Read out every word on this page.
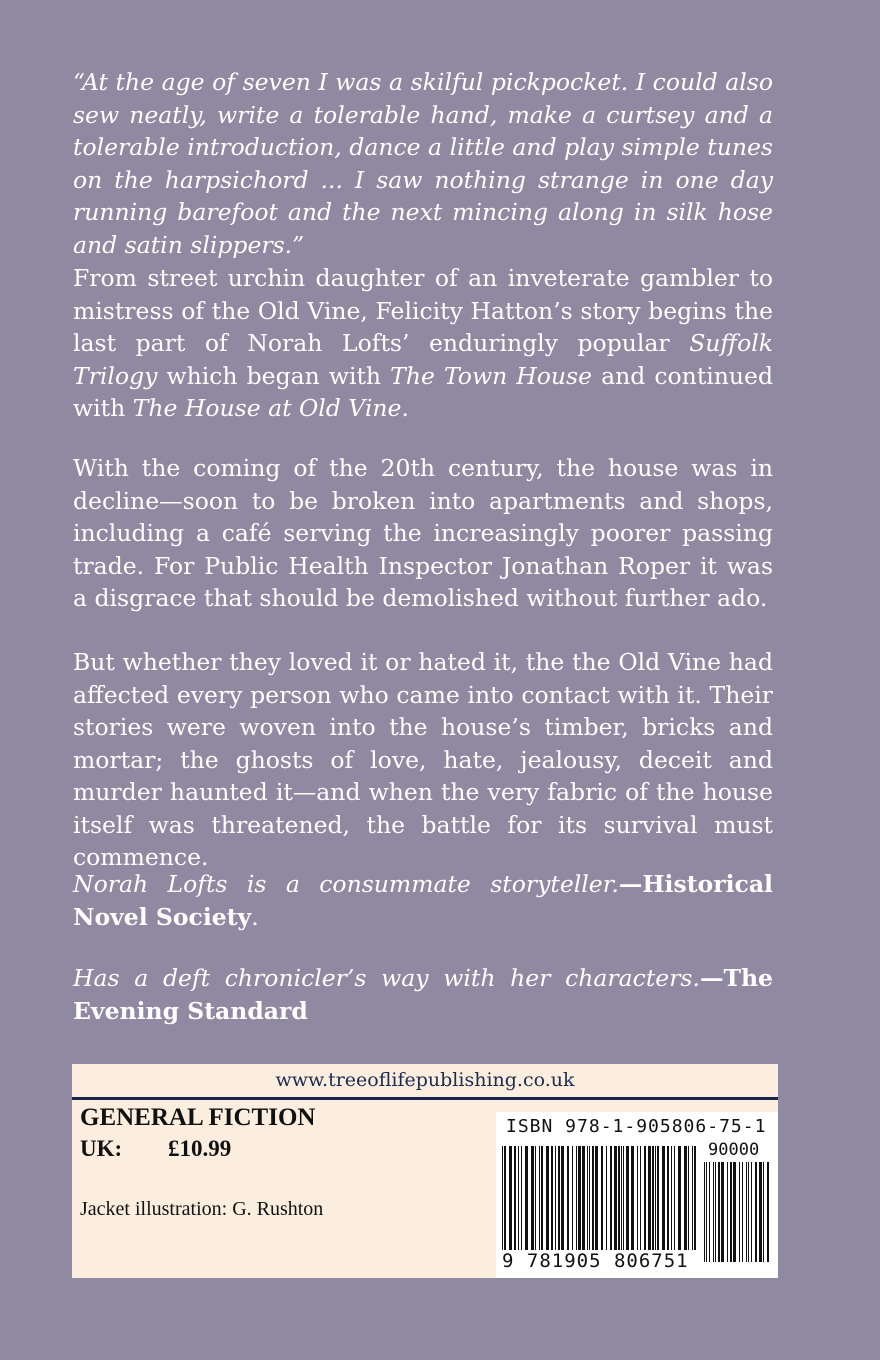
“At the age of seven I was a skilful pickpocket. I could also sew neatly, write a tolerable hand, make a curtsey and a tolerable introduction, dance a little and play simple tunes on the harpsichord ... I saw nothing strange in one day running barefoot and the next mincing along in silk hose and satin slippers.”

From street urchin daughter of an inveterate gambler to mistress of the Old Vine, Felicity Hatton’s story begins the last part of Norah Lofts’ enduringly popular Suffolk Trilogy which began with The Town House and continued with The House at Old Vine.

With the coming of the 20th century, the house was in decline—soon to be broken into apartments and shops, including a café serving the increasingly poorer passing trade. For Public Health Inspector Jonathan Roper it was a disgrace that should be demolished without further ado.

But whether they loved it or hated it, the the Old Vine had affected every person who came into contact with it. Their stories were woven into the house’s timber, bricks and mortar; the ghosts of love, hate, jealousy, deceit and murder haunted it—and when the very fabric of the house itself was threatened, the battle for its survival must commence.

Norah Lofts is a consummate storyteller.—Historical Novel Society.

Has a deft chronicler’s way with her characters.—The Evening Standard

www.treeoflifepublishing.co.uk
GENERAL FICTION
UK: £10.99
Jacket illustration: G. Rushton
ISBN 978-1-905806-75-1
90000
9 781905 806751
